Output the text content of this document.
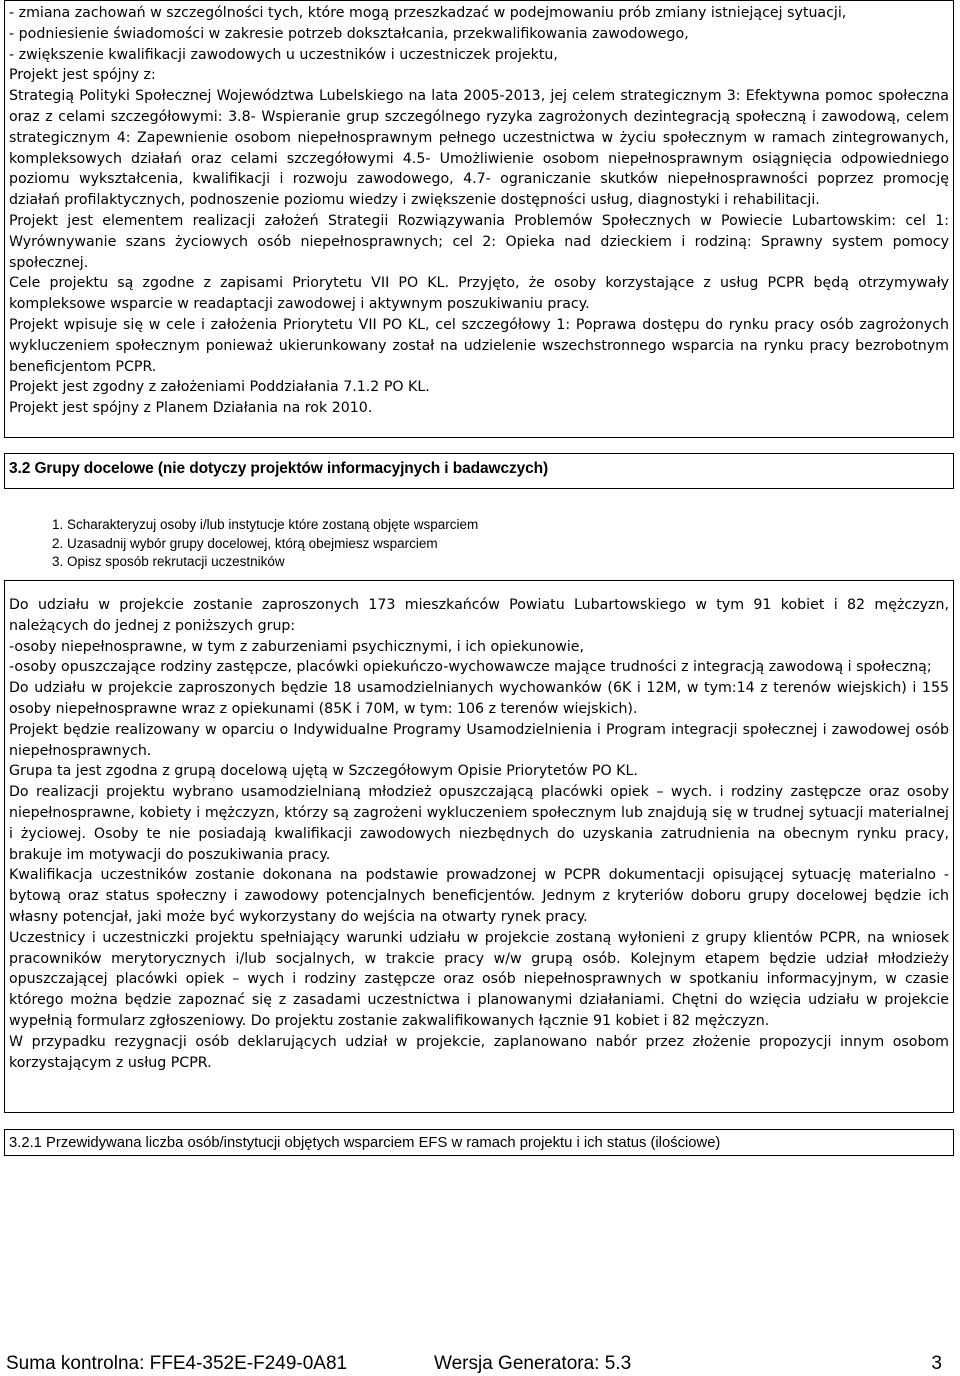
- zmiana zachowań w szczególności tych, które mogą przeszkadzać w podejmowaniu prób zmiany istniejącej sytuacji,

- podniesienie świadomości w zakresie potrzeb dokształcania, przekwalifikowania zawodowego,

- zwiększenie kwalifikacji zawodowych u uczestników i uczestniczek projektu,

Projekt jest spójny z:

Strategią Polityki Społecznej Województwa Lubelskiego na lata 2005-2013, jej celem strategicznym 3: Efektywna pomoc społeczna oraz z celami szczegółowymi: 3.8- Wspieranie grup szczególnego ryzyka zagrożonych dezintegracją społeczną i zawodową, celem strategicznym 4: Zapewnienie osobom niepełnosprawnym pełnego uczestnictwa w życiu społecznym w ramach zintegrowanych, kompleksowych działań oraz celami szczegółowymi 4.5- Umożliwienie osobom niepełnosprawnym osiągnięcia odpowiedniego poziomu wykształcenia, kwalifikacji i rozwoju zawodowego, 4.7- ograniczanie skutków niepełnosprawności poprzez promocję działań profilaktycznych, podnoszenie poziomu wiedzy i zwiększenie dostępności usług, diagnostyki i rehabilitacji.

Projekt jest elementem realizacji założeń Strategii Rozwiązywania Problemów Społecznych w Powiecie Lubartowskim: cel 1: Wyrównywanie szans życiowych osób niepełnosprawnych; cel 2: Opieka nad dzieckiem i rodziną: Sprawny system pomocy społecznej.

Cele projektu są zgodne z zapisami Priorytetu VII PO KL. Przyjęto, że osoby korzystające z usług PCPR będą otrzymywały kompleksowe wsparcie w readaptacji zawodowej i aktywnym poszukiwaniu pracy.

Projekt wpisuje się w cele i założenia Priorytetu VII PO KL, cel szczegółowy 1: Poprawa dostępu do rynku pracy osób zagrożonych wykluczeniem społecznym ponieważ ukierunkowany został na udzielenie wszechstronnego wsparcia na rynku pracy bezrobotnym beneficjentom PCPR.

Projekt jest zgodny z założeniami Poddziałania 7.1.2 PO KL.

Projekt jest spójny z Planem Działania na rok 2010.

3.2 Grupy docelowe (nie dotyczy projektów informacyjnych i badawczych)
1. Scharakteryzuj osoby i/lub instytucje które zostaną objęte wsparciem
2. Uzasadnij wybór grupy docelowej, którą obejmiesz wsparciem
3. Opisz sposób rekrutacji uczestników

Do udziału w projekcie zostanie zaproszonych 173 mieszkańców Powiatu Lubartowskiego w tym 91 kobiet i 82 mężczyzn, należących do jednej z poniższych grup:

-osoby niepełnosprawne, w tym z zaburzeniami psychicznymi, i ich opiekunowie,

-osoby opuszczające rodziny zastępcze, placówki opiekuńczo-wychowawcze mające trudności z integracją zawodową i społeczną;

Do udziału w projekcie zaproszonych będzie 18 usamodzielnianych wychowanków (6K i 12M, w tym:14 z terenów wiejskich) i 155 osoby niepełnosprawne wraz z opiekunami (85K i 70M, w tym: 106 z terenów wiejskich).

Projekt będzie realizowany w oparciu o Indywidualne Programy Usamodzielnienia i Program integracji społecznej i zawodowej osób niepełnosprawnych.

Grupa ta jest zgodna z grupą docelową ujętą w Szczegółowym Opisie Priorytetów PO KL.

Do realizacji projektu wybrano usamodzielnianą młodzież opuszczającą placówki opiek – wych. i rodziny zastępcze oraz osoby niepełnosprawne, kobiety i mężczyzn, którzy są zagrożeni wykluczeniem społecznym lub znajdują się w trudnej sytuacji materialnej i życiowej. Osoby te nie posiadają kwalifikacji zawodowych niezbędnych do uzyskania zatrudnienia na obecnym rynku pracy, brakuje im motywacji do poszukiwania pracy.

Kwalifikacja uczestników zostanie dokonana na podstawie prowadzonej w PCPR dokumentacji opisującej sytuację materialno - bytową oraz status społeczny i zawodowy potencjalnych beneficjentów. Jednym z kryteriów doboru grupy docelowej będzie ich własny potencjał, jaki może być wykorzystany do wejścia na otwarty rynek pracy.

Uczestnicy i uczestniczki projektu spełniający warunki udziału w projekcie zostaną wyłonieni z grupy klientów PCPR, na wniosek pracowników merytorycznych i/lub socjalnych, w trakcie pracy w/w grupą osób. Kolejnym etapem będzie udział młodzieży opuszczającej placówki opiek – wych i rodziny zastępcze oraz osób niepełnosprawnych w spotkaniu informacyjnym, w czasie którego można będzie zapoznać się z zasadami uczestnictwa i planowanymi działaniami. Chętni do wzięcia udziału w projekcie wypełnią formularz zgłoszeniowy. Do projektu zostanie zakwalifikowanych łącznie 91 kobiet i 82 mężczyzn.

W przypadku rezygnacji osób deklarujących udział w projekcie, zaplanowano nabór przez złożenie propozycji innym osobom korzystającym z usług PCPR.

3.2.1 Przewidywana liczba osób/instytucji objętych wsparciem EFS w ramach projektu i ich status (ilościowe)
Suma kontrolna: FFE4-352E-F249-0A81	Wersja Generatora: 5.3	3
